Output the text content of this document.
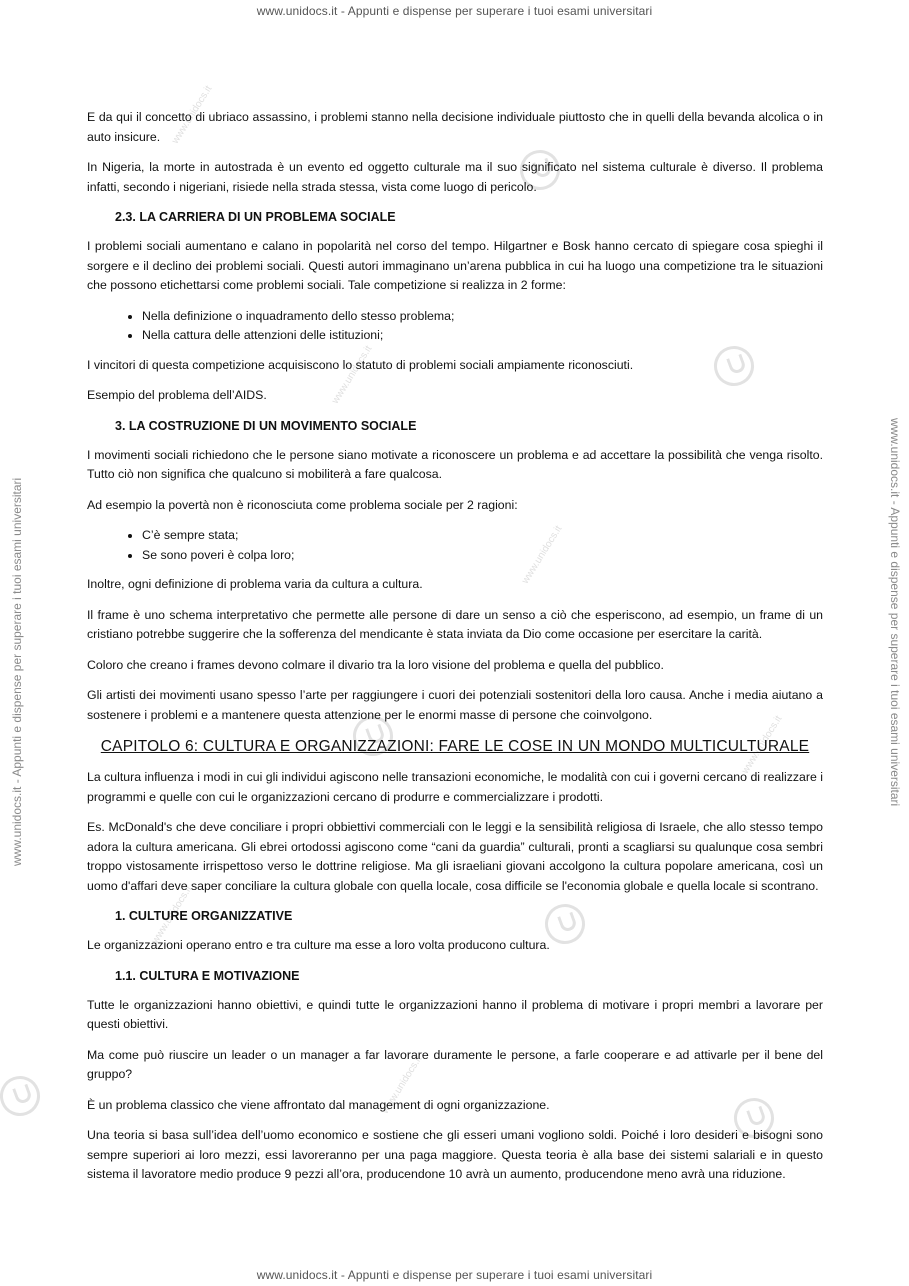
www.unidocs.it - Appunti e dispense per superare i tuoi esami universitari
www.unidocs.it - Appunti e dispense per superare i tuoi esami universitari
www.unidocs.it - Appunti e dispense per superare i tuoi esami universitari	www.unidocs.it - Appunti e dispense per superare i tuoi esami universitari
www.unidocs.it
www.unidocs.it
www.unidocs.it
www.unidocs.it
www.unidocs.it
www.unidocs.it

E da qui il concetto di ubriaco assassino, i problemi stanno nella decisione individuale piuttosto che in quelli della bevanda alcolica o in auto insicure.

In Nigeria, la morte in autostrada è un evento ed oggetto culturale ma il suo significato nel sistema culturale è diverso. Il problema infatti, secondo i nigeriani, risiede nella strada stessa, vista come luogo di pericolo.

2.3. LA CARRIERA DI UN PROBLEMA SOCIALE

I problemi sociali aumentano e calano in popolarità nel corso del tempo. Hilgartner e Bosk hanno cercato di spiegare cosa spieghi il sorgere e il declino dei problemi sociali. Questi autori immaginano un’arena pubblica in cui ha luogo una competizione tra le situazioni che possono etichettarsi come problemi sociali. Tale competizione si realizza in 2 forme:

• Nella definizione o inquadramento dello stesso problema;
• Nella cattura delle attenzioni delle istituzioni;

I vincitori di questa competizione acquisiscono lo statuto di problemi sociali ampiamente riconosciuti.

Esempio del problema dell’AIDS.

3. LA COSTRUZIONE DI UN MOVIMENTO SOCIALE

I movimenti sociali richiedono che le persone siano motivate a riconoscere un problema e ad accettare la possibilità che venga risolto. Tutto ciò non significa che qualcuno si mobiliterà a fare qualcosa.

Ad esempio la povertà non è riconosciuta come problema sociale per 2 ragioni:

• C’è sempre stata;
• Se sono poveri è colpa loro;

Inoltre, ogni definizione di problema varia da cultura a cultura.

Il frame è uno schema interpretativo che permette alle persone di dare un senso a ciò che esperiscono, ad esempio, un frame di un cristiano potrebbe suggerire che la sofferenza del mendicante è stata inviata da Dio come occasione per esercitare la carità.

Coloro che creano i frames devono colmare il divario tra la loro visione del problema e quella del pubblico.

Gli artisti dei movimenti usano spesso l’arte per raggiungere i cuori dei potenziali sostenitori della loro causa. Anche i media aiutano a sostenere i problemi e a mantenere questa attenzione per le enormi masse di persone che coinvolgono.

CAPITOLO 6: CULTURA E ORGANIZZAZIONI: FARE LE COSE IN UN MONDO MULTICULTURALE

La cultura influenza i modi in cui gli individui agiscono nelle transazioni economiche, le modalità con cui i governi cercano di realizzare i programmi e quelle con cui le organizzazioni cercano di produrre e commercializzare i prodotti.

Es. McDonald's che deve conciliare i propri obbiettivi commerciali con le leggi e la sensibilità religiosa di Israele, che allo stesso tempo adora la cultura americana. Gli ebrei ortodossi agiscono come “cani da guardia” culturali, pronti a scagliarsi su qualunque cosa sembri troppo vistosamente irrispettoso verso le dottrine religiose. Ma gli israeliani giovani accolgono la cultura popolare americana, così un uomo d'affari deve saper conciliare la cultura globale con quella locale, cosa difficile se l'economia globale e quella locale si scontrano.

1. CULTURE ORGANIZZATIVE

Le organizzazioni operano entro e tra culture ma esse a loro volta producono cultura.

1.1. CULTURA E MOTIVAZIONE

Tutte le organizzazioni hanno obiettivi, e quindi tutte le organizzazioni hanno il problema di motivare i propri membri a lavorare per questi obiettivi.

Ma come può riuscire un leader o un manager a far lavorare duramente le persone, a farle cooperare e ad attivarle per il bene del gruppo?

È un problema classico che viene affrontato dal management di ogni organizzazione.

Una teoria si basa sull’idea dell’uomo economico e sostiene che gli esseri umani vogliono soldi. Poiché i loro desideri e bisogni sono sempre superiori ai loro mezzi, essi lavoreranno per una paga maggiore. Questa teoria è alla base dei sistemi salariali e in questo sistema il lavoratore medio produce 9 pezzi all’ora, producendone 10 avrà un aumento, producendone meno avrà una riduzione.
